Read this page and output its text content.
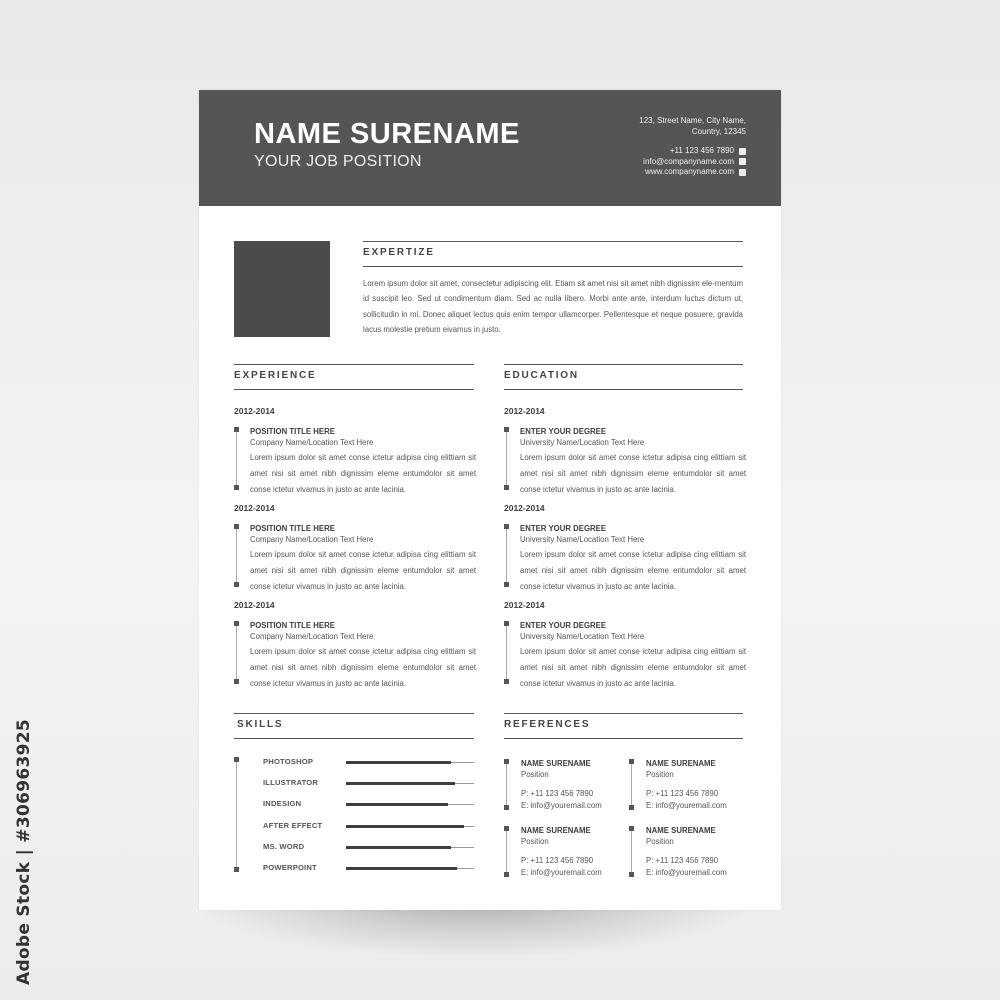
NAME SURENAME
YOUR JOB POSITION
123, Street Name, City Name,
Country, 12345
+11 123 456 7890
info@companyname.com
www.companyname.com
EXPERTIZE
Lorem ipsum dolor sit amet, consectetur adipiscing elit. Etiam sit amet nisi sit amet nibh dignissim ele-mentum id suscipit leo. Sed ut condimentum diam. Sed ac nulla libero. Morbi ante ante, interdum luctus dictum ut, sollicitudin in mi. Donec aliquet lectus quis enim tempor ullamcorper. Pellentesque et neque posuere, gravida lacus molestie pretium eivamus in justo.
EXPERIENCE	EDUCATION
2012-2014
POSITION TITLE HERE
Company Name/Location Text Here
Lorem ipsum dolor sit amet conse ictetur adipisa cing elittiam sit amet nisi sit amet nibh dignissim eleme entumdolor sit amet conse ictetur vivamus in justo ac ante lacinia.
2012-2014
POSITION TITLE HERE
Company Name/Location Text Here
Lorem ipsum dolor sit amet conse ictetur adipisa cing elittiam sit amet nisi sit amet nibh dignissim eleme entumdolor sit amet conse ictetur vivamus in justo ac ante lacinia.
2012-2014
POSITION TITLE HERE
Company Name/Location Text Here
Lorem ipsum dolor sit amet conse ictetur adipisa cing elittiam sit amet nisi sit amet nibh dignissim eleme entumdolor sit amet conse ictetur vivamus in justo ac ante lacinia.
2012-2014
ENTER YOUR DEGREE
University Name/Location Text Here
Lorem ipsum dolor sit amet conse ictetur adipisa cing elittiam sit amet nisi sit amet nibh dignissim eleme entumdolor sit amet conse ictetur vivamus in justo ac ante lacinia.
2012-2014
ENTER YOUR DEGREE
University Name/Location Text Here
Lorem ipsum dolor sit amet conse ictetur adipisa cing elittiam sit amet nisi sit amet nibh dignissim eleme entumdolor sit amet conse ictetur vivamus in justo ac ante lacinia.
2012-2014
ENTER YOUR DEGREE
University Name/Location Text Here
Lorem ipsum dolor sit amet conse ictetur adipisa cing elittiam sit amet nisi sit amet nibh dignissim eleme entumdolor sit amet conse ictetur vivamus in justo ac ante lacinia.
SKILLS	REFERENCES
PHOTOSHOP
ILLUSTRATOR
INDESIGN
AFTER EFFECT
MS. WORD
POWERPOINT
NAME SURENAME
Position
P: +11 123 456 7890
E: info@youremail.com
NAME SURENAME
Position
P: +11 123 456 7890
E: info@youremail.com
NAME SURENAME
Position
P: +11 123 456 7890
E: info@youremail.com
NAME SURENAME
Position
P: +11 123 456 7890
E: info@youremail.com
Adobe Stock | #306963925
